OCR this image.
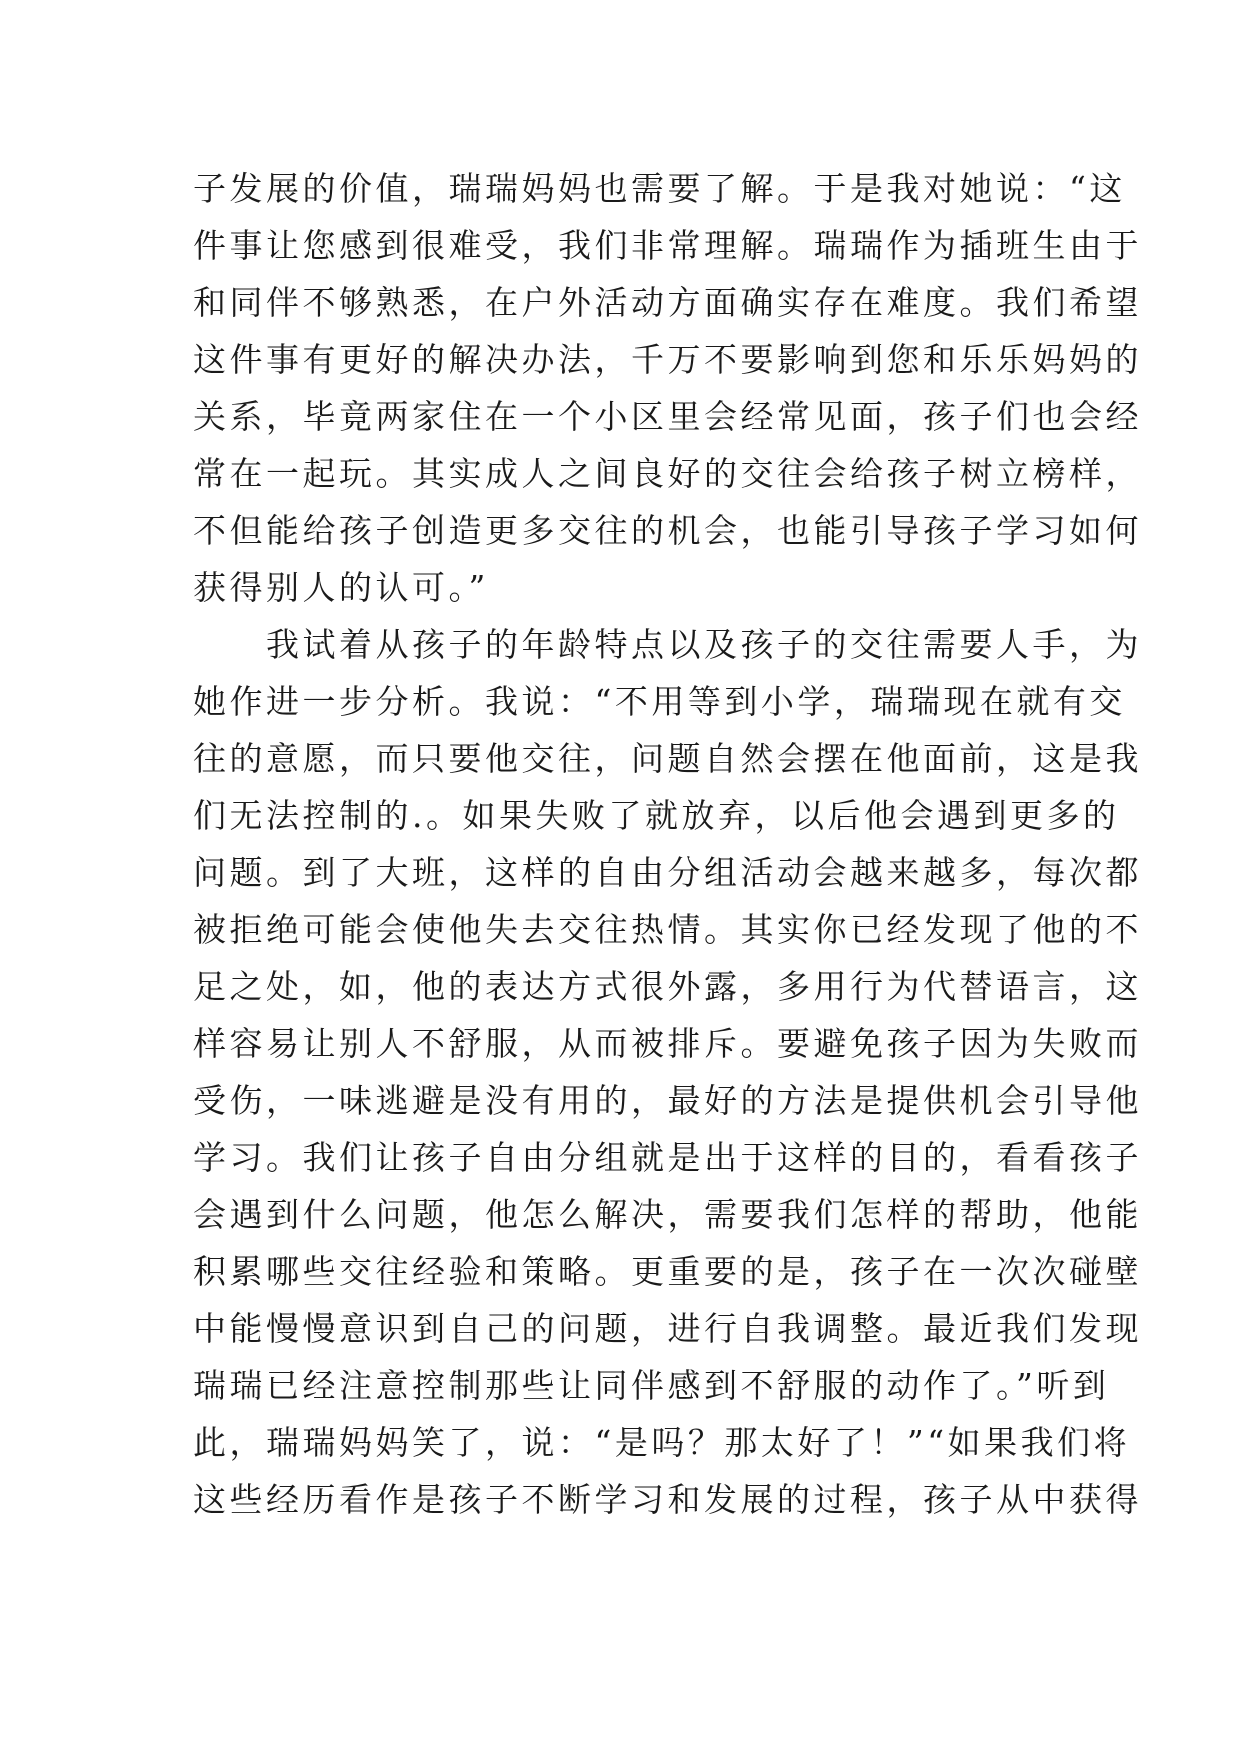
子发展的价值，瑞瑞妈妈也需要了解。于是我对她说：“这
件事让您感到很难受，我们非常理解。瑞瑞作为插班生由于
和同伴不够熟悉，在户外活动方面确实存在难度。我们希望
这件事有更好的解决办法，千万不要影响到您和乐乐妈妈的
关系，毕竟两家住在一个小区里会经常见面，孩子们也会经
常在一起玩。其实成人之间良好的交往会给孩子树立榜样，
不但能给孩子创造更多交往的机会，也能引导孩子学习如何
获得别人的认可。”
　　我试着从孩子的年龄特点以及孩子的交往需要人手，为
她作进一步分析。我说：“不用等到小学，瑞瑞现在就有交
往的意愿，而只要他交往，问题自然会摆在他面前，这是我
们无法控制的.。如果失败了就放弃，以后他会遇到更多的
问题。到了大班，这样的自由分组活动会越来越多，每次都
被拒绝可能会使他失去交往热情。其实你已经发现了他的不
足之处，如，他的表达方式很外露，多用行为代替语言，这
样容易让别人不舒服，从而被排斥。要避免孩子因为失败而
受伤，一味逃避是没有用的，最好的方法是提供机会引导他
学习。我们让孩子自由分组就是出于这样的目的，看看孩子
会遇到什么问题，他怎么解决，需要我们怎样的帮助，他能
积累哪些交往经验和策略。更重要的是，孩子在一次次碰壁
中能慢慢意识到自己的问题，进行自我调整。最近我们发现
瑞瑞已经注意控制那些让同伴感到不舒服的动作了。”听到
此，瑞瑞妈妈笑了，说：“是吗？那太好了！”“如果我们将
这些经历看作是孩子不断学习和发展的过程，孩子从中获得
